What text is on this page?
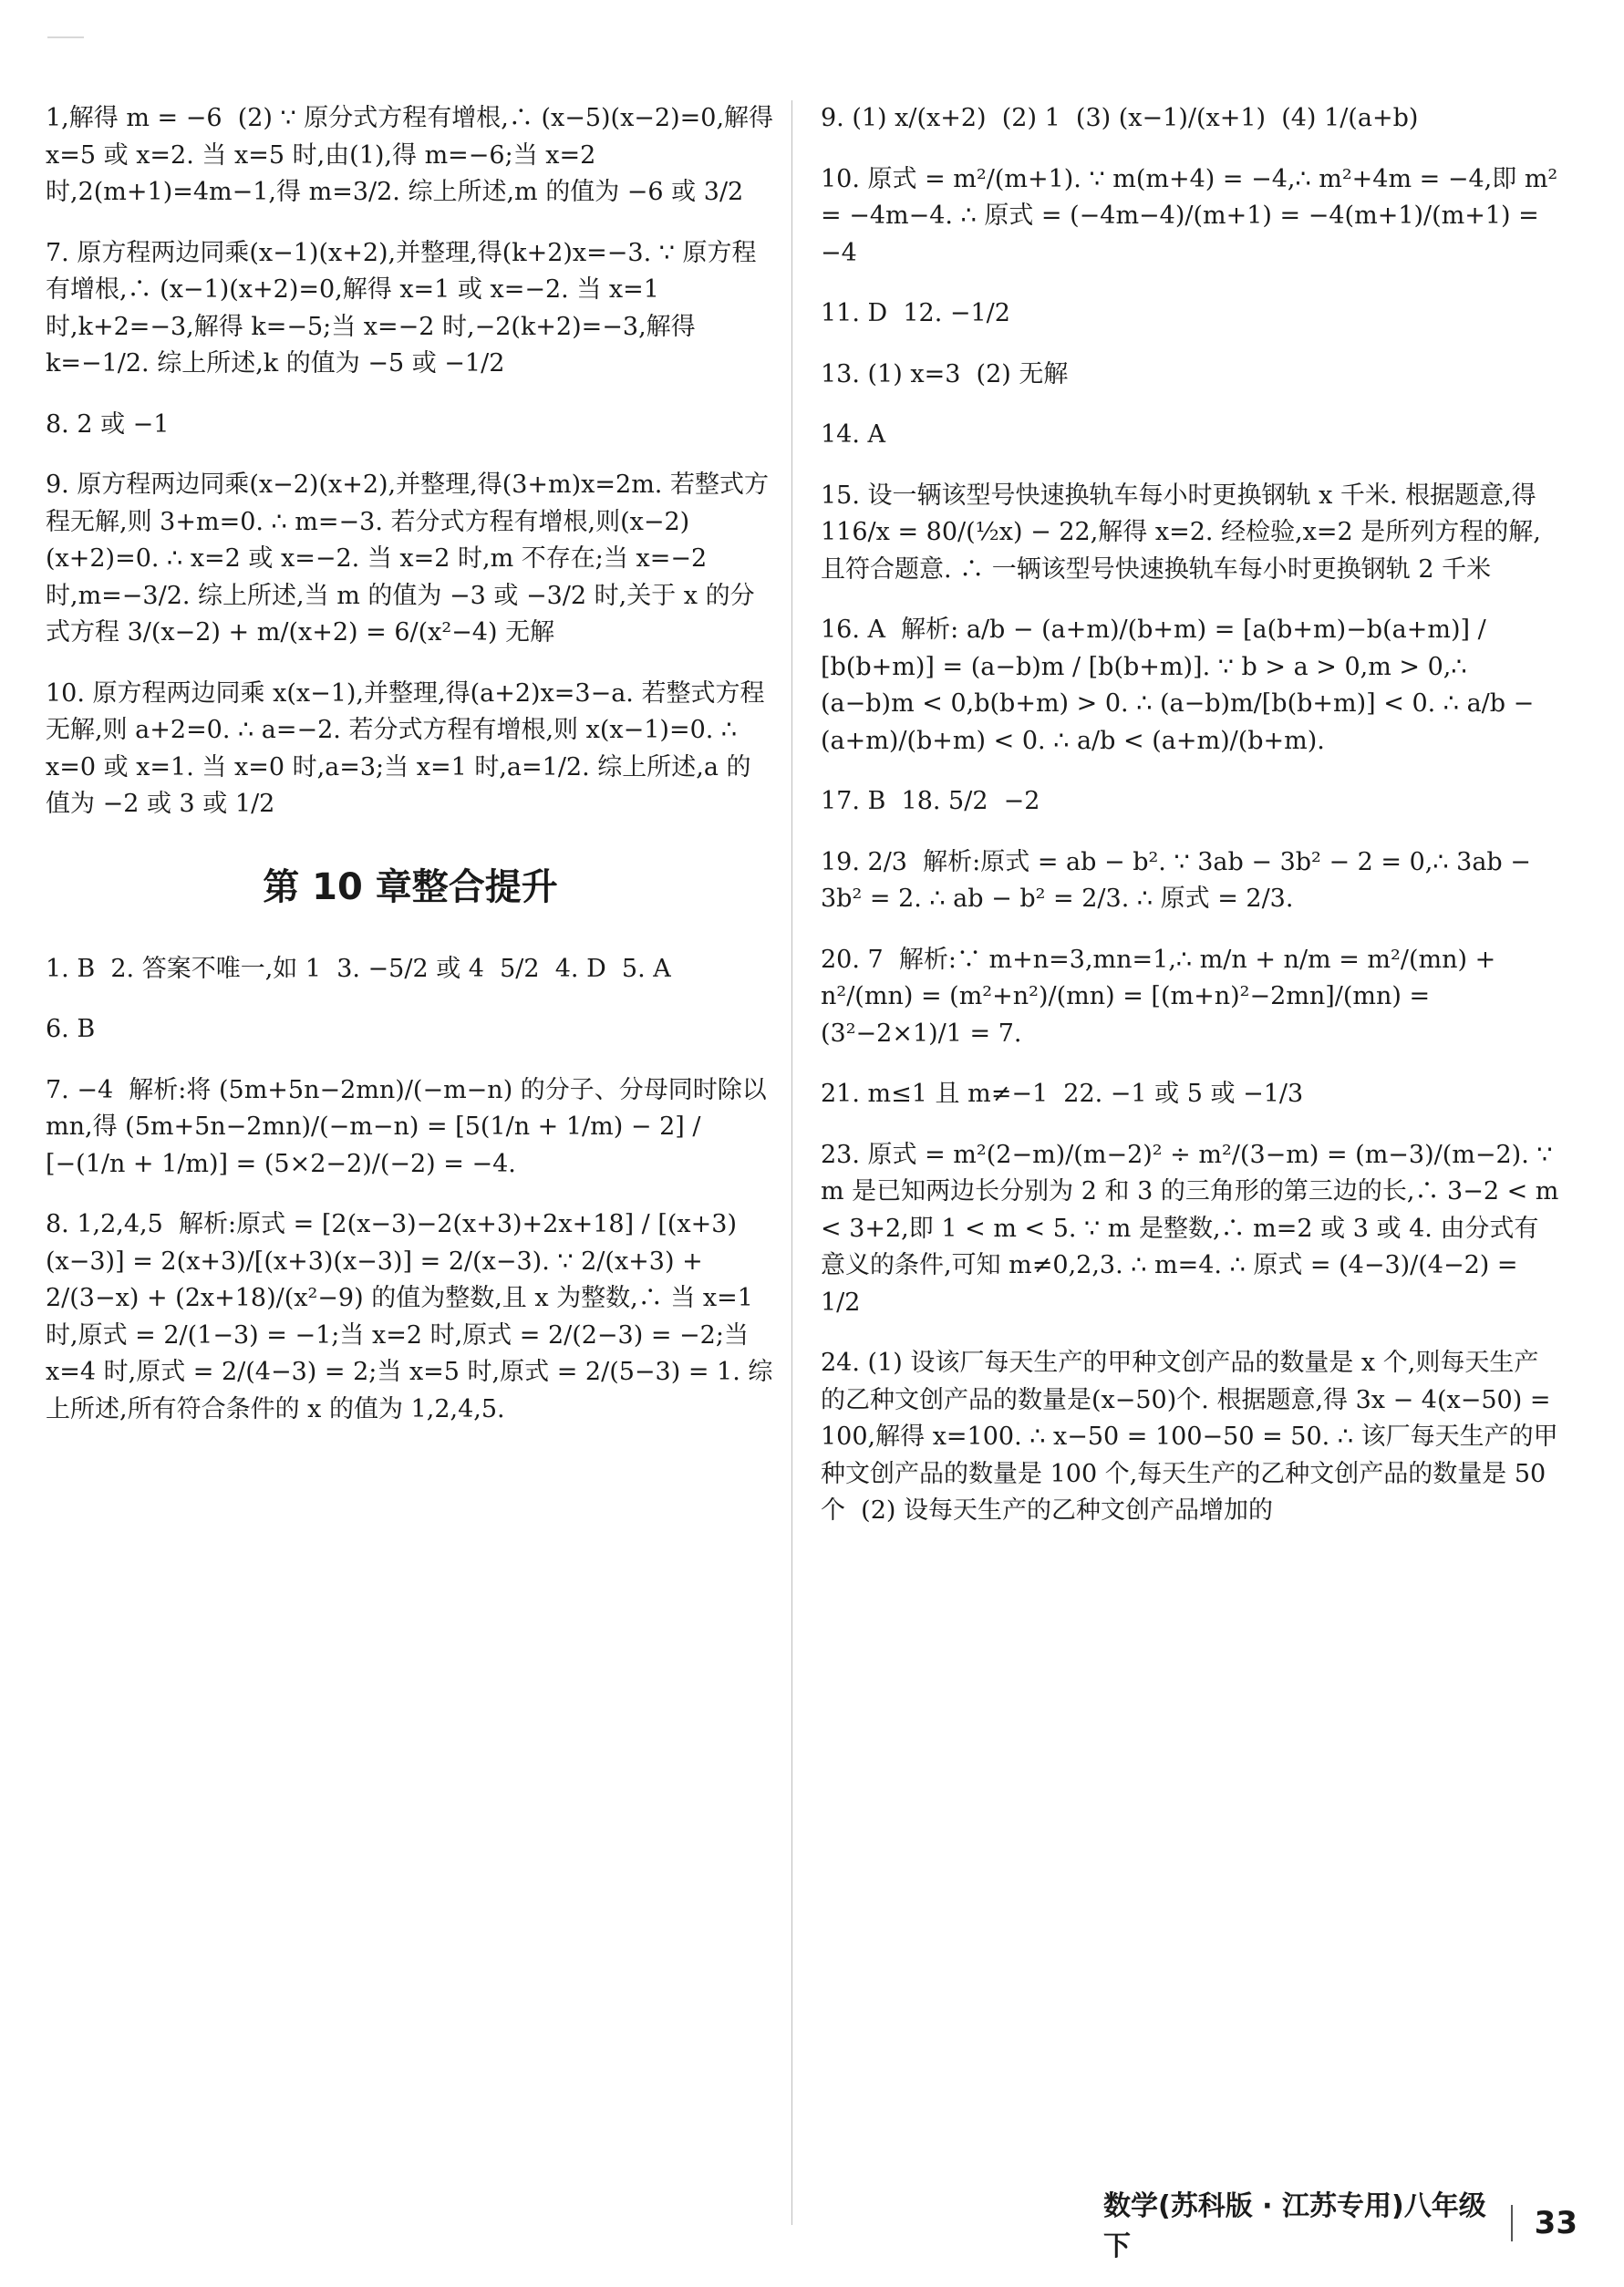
1,解得 m = −6  (2) ∵ 原分式方程有增根,∴ (x−5)(x−2)=0,解得 x=5 或 x=2. 当 x=5 时,由(1),得 m=−6;当 x=2 时,2(m+1)=4m−1,得 m=3/2. 综上所述,m 的值为 −6 或 3/2

7. 原方程两边同乘(x−1)(x+2),并整理,得(k+2)x=−3. ∵ 原方程有增根,∴ (x−1)(x+2)=0,解得 x=1 或 x=−2. 当 x=1 时,k+2=−3,解得 k=−5;当 x=−2 时,−2(k+2)=−3,解得 k=−1/2. 综上所述,k 的值为 −5 或 −1/2

8. 2 或 −1

9. 原方程两边同乘(x−2)(x+2),并整理,得(3+m)x=2m. 若整式方程无解,则 3+m=0. ∴ m=−3. 若分式方程有增根,则(x−2)(x+2)=0. ∴ x=2 或 x=−2. 当 x=2 时,m 不存在;当 x=−2 时,m=−3/2. 综上所述,当 m 的值为 −3 或 −3/2 时,关于 x 的分式方程 3/(x−2) + m/(x+2) = 6/(x²−4) 无解

10. 原方程两边同乘 x(x−1),并整理,得(a+2)x=3−a. 若整式方程无解,则 a+2=0. ∴ a=−2. 若分式方程有增根,则 x(x−1)=0. ∴ x=0 或 x=1. 当 x=0 时,a=3;当 x=1 时,a=1/2. 综上所述,a 的值为 −2 或 3 或 1/2

第 10 章整合提升

1. B  2. 答案不唯一,如 1  3. −5/2 或 4  5/2  4. D  5. A

6. B

7. −4  解析:将 (5m+5n−2mn)/(−m−n) 的分子、分母同时除以 mn,得 (5m+5n−2mn)/(−m−n) = [5(1/n + 1/m) − 2] / [−(1/n + 1/m)] = (5×2−2)/(−2) = −4.

8. 1,2,4,5  解析:原式 = [2(x−3)−2(x+3)+2x+18] / [(x+3)(x−3)] = 2(x+3)/[(x+3)(x−3)] = 2/(x−3). ∵ 2/(x+3) + 2/(3−x) + (2x+18)/(x²−9) 的值为整数,且 x 为整数,∴ 当 x=1 时,原式 = 2/(1−3) = −1;当 x=2 时,原式 = 2/(2−3) = −2;当 x=4 时,原式 = 2/(4−3) = 2;当 x=5 时,原式 = 2/(5−3) = 1. 综上所述,所有符合条件的 x 的值为 1,2,4,5.

9. (1) x/(x+2)  (2) 1  (3) (x−1)/(x+1)  (4) 1/(a+b)

10. 原式 = m²/(m+1). ∵ m(m+4) = −4,∴ m²+4m = −4,即 m² = −4m−4. ∴ 原式 = (−4m−4)/(m+1) = −4(m+1)/(m+1) = −4

11. D  12. −1/2

13. (1) x=3  (2) 无解

14. A

15. 设一辆该型号快速换轨车每小时更换钢轨 x 千米. 根据题意,得 116/x = 80/(½x) − 22,解得 x=2. 经检验,x=2 是所列方程的解,且符合题意. ∴ 一辆该型号快速换轨车每小时更换钢轨 2 千米

16. A  解析: a/b − (a+m)/(b+m) = [a(b+m)−b(a+m)] / [b(b+m)] = (a−b)m / [b(b+m)]. ∵ b > a > 0,m > 0,∴ (a−b)m < 0,b(b+m) > 0. ∴ (a−b)m/[b(b+m)] < 0. ∴ a/b − (a+m)/(b+m) < 0. ∴ a/b < (a+m)/(b+m).

17. B  18. 5/2  −2

19. 2/3  解析:原式 = ab − b². ∵ 3ab − 3b² − 2 = 0,∴ 3ab − 3b² = 2. ∴ ab − b² = 2/3. ∴ 原式 = 2/3.

20. 7  解析:∵ m+n=3,mn=1,∴ m/n + n/m = m²/(mn) + n²/(mn) = (m²+n²)/(mn) = [(m+n)²−2mn]/(mn) = (3²−2×1)/1 = 7.

21. m≤1 且 m≠−1  22. −1 或 5 或 −1/3

23. 原式 = m²(2−m)/(m−2)² ÷ m²/(3−m) = (m−3)/(m−2). ∵ m 是已知两边长分别为 2 和 3 的三角形的第三边的长,∴ 3−2 < m < 3+2,即 1 < m < 5. ∵ m 是整数,∴ m=2 或 3 或 4. 由分式有意义的条件,可知 m≠0,2,3. ∴ m=4. ∴ 原式 = (4−3)/(4−2) = 1/2

24. (1) 设该厂每天生产的甲种文创产品的数量是 x 个,则每天生产的乙种文创产品的数量是(x−50)个. 根据题意,得 3x − 4(x−50) = 100,解得 x=100. ∴ x−50 = 100−50 = 50. ∴ 该厂每天生产的甲种文创产品的数量是 100 个,每天生产的乙种文创产品的数量是 50 个  (2) 设每天生产的乙种文创产品增加的

数学(苏科版 · 江苏专用)八年级下
33
